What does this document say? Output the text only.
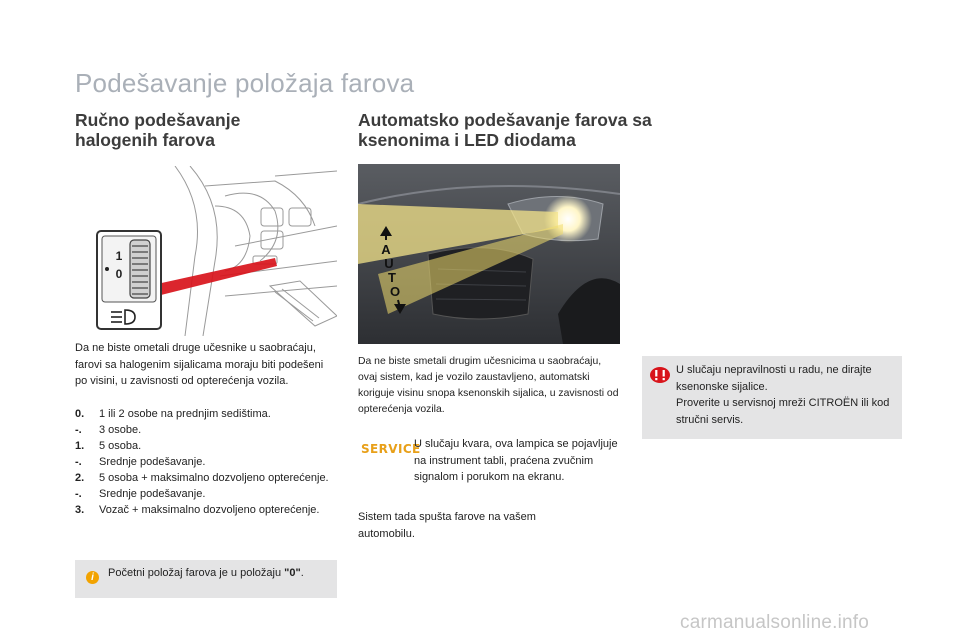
Podešavanje položaja farova
Ručno podešavanje
halogenih farova
0
1
Da ne biste ometali druge učesnike u saobraćaju, farovi sa halogenim sijalicama moraju biti podešeni po visini, u zavisnosti od opterećenja vozila.
0.	1 ili 2 osobe na prednjim sedištima.
-.	3 osobe.
1.	5 osoba.
-.	Srednje podešavanje.
2.	5 osoba + maksimalno dozvoljeno opterećenje.
-.	Srednje podešavanje.
3.	Vozač + maksimalno dozvoljeno opterećenje.
i	Početni položaj farova je u položaju "0".
Automatsko podešavanje farova sa
ksenonima i LED diodama
A
U
T
O
Da ne biste smetali drugim učesnicima u saobraćaju, ovaj sistem, kad je vozilo zaustavljeno, automatski koriguje visinu snopa ksenonskih sijalica, u zavisnosti od opterećenja vozila.
SERVICE
U slučaju kvara, ova lampica se pojavljuje na instrument tabli, praćena zvučnim signalom i porukom na ekranu.
Sistem tada spušta farove na vašem automobilu.
U slučaju nepravilnosti u radu, ne dirajte ksenonske sijalice.
Proverite u servisnoj mreži CITROËN ili kod stručni servis.
carmanualsonline.info
